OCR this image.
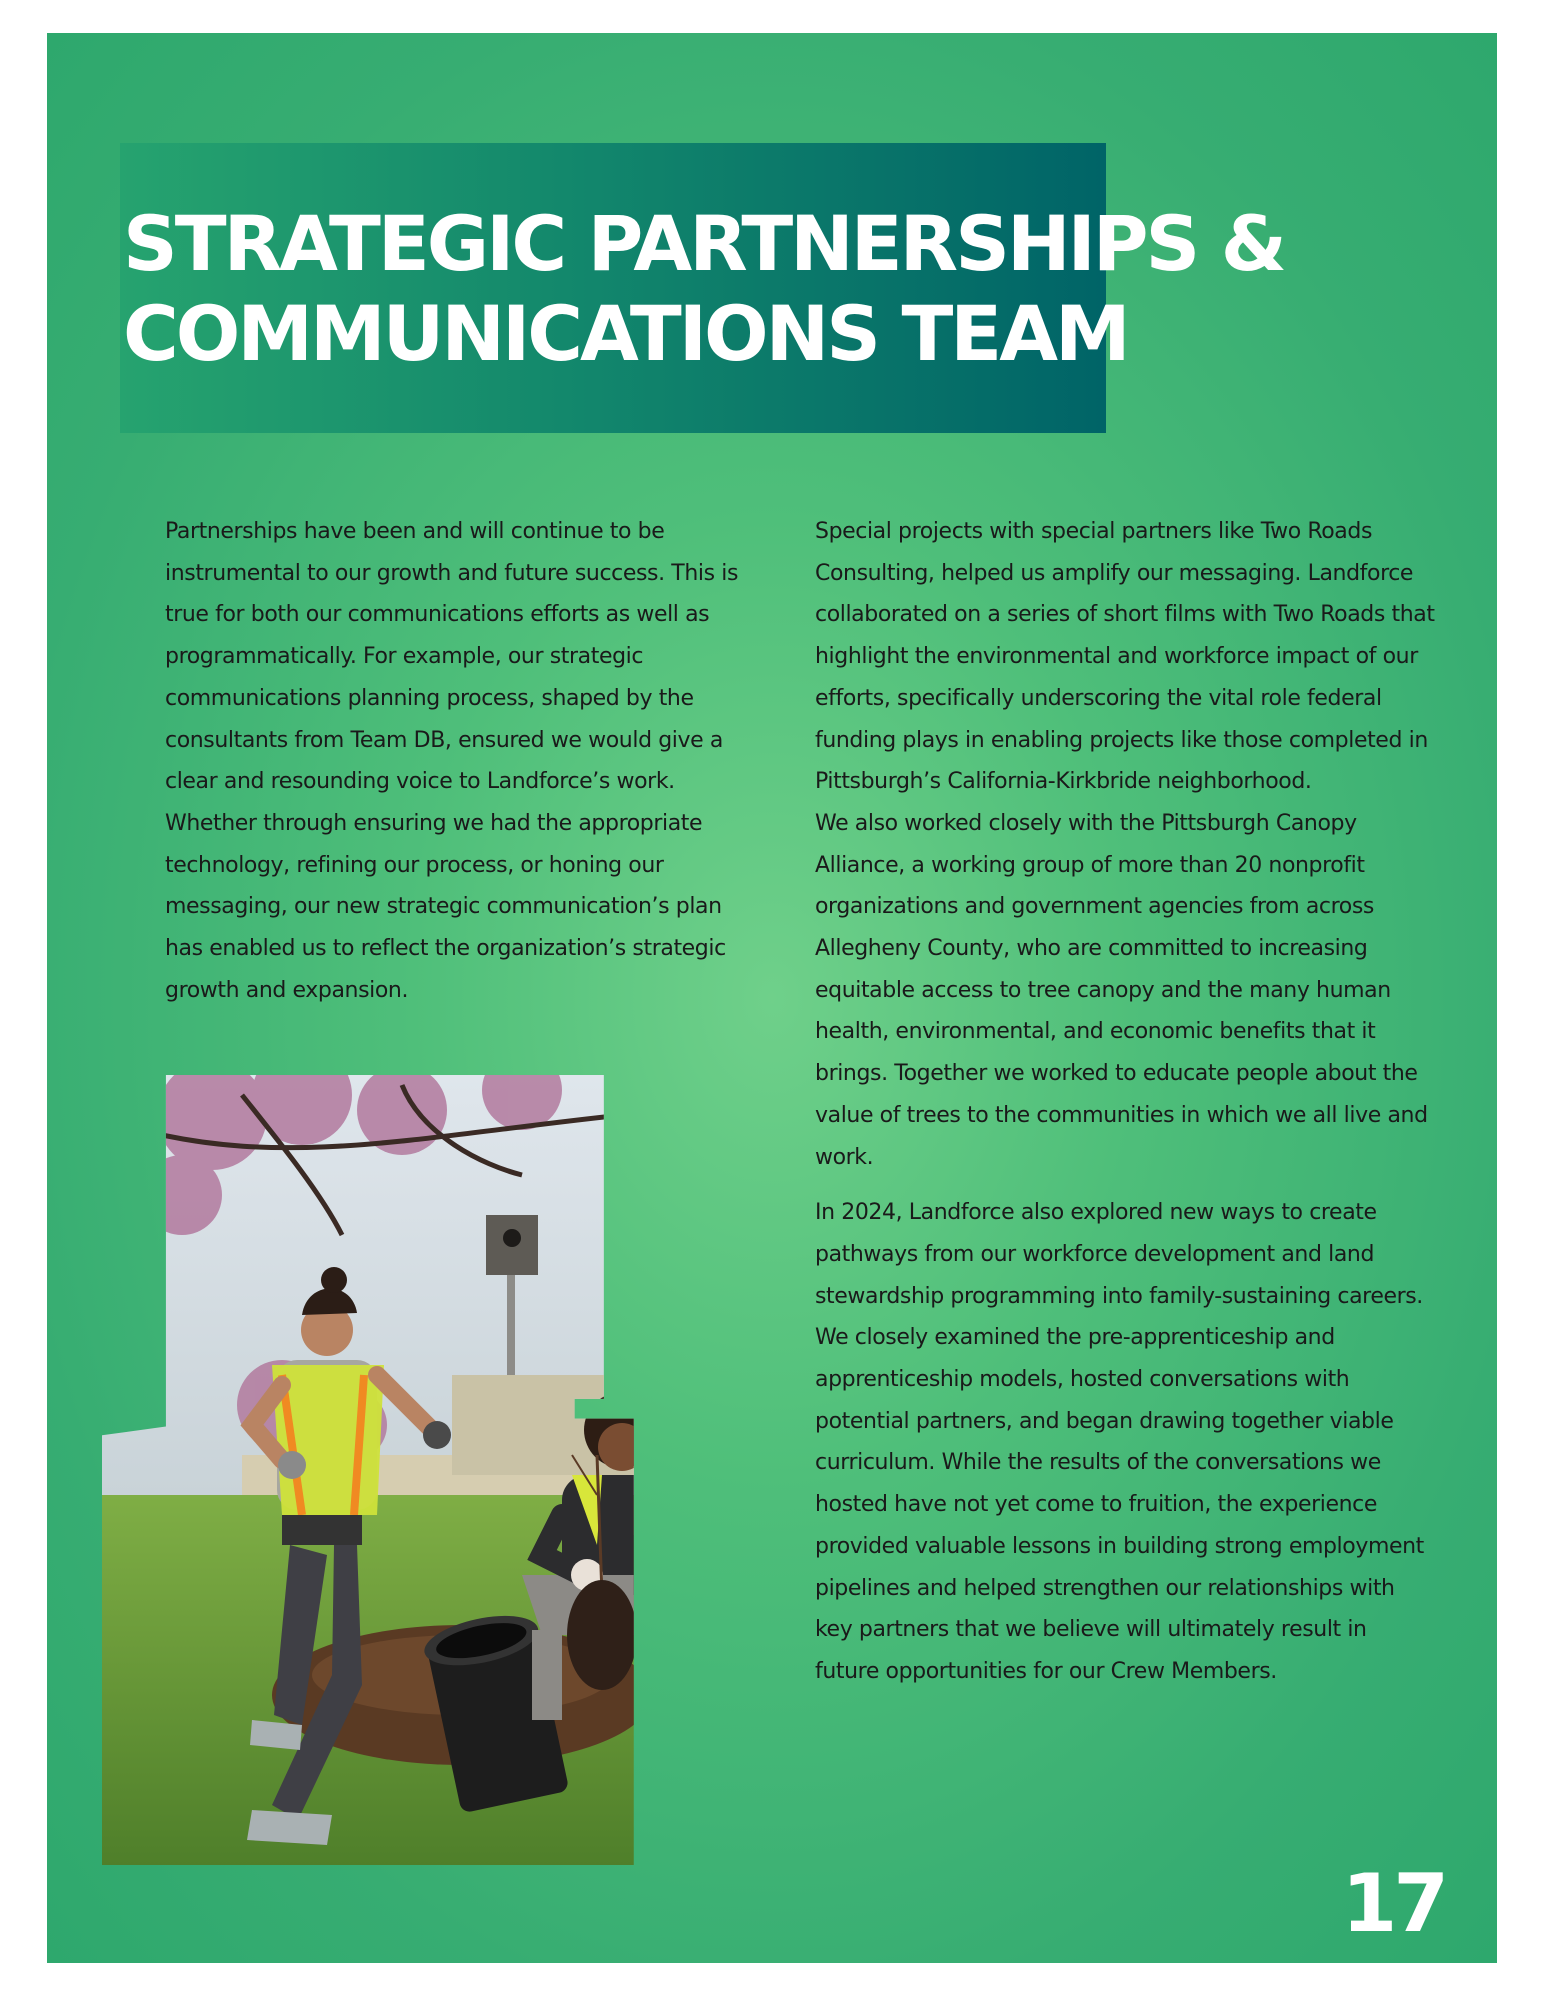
STRATEGIC PARTNERSHIPS &
COMMUNICATIONS TEAM

Partnerships have been and will continue to be instrumental to our growth and future success. This is true for both our communications efforts as well as programmatically. For example, our strategic communications planning process, shaped by the consultants from Team DB, ensured we would give a clear and resounding voice to Landforce’s work. Whether through ensuring we had the appropriate technology, refining our process, or honing our messaging, our new strategic communication’s plan has enabled us to reflect the organization’s strategic growth and expansion.

Special projects with special partners like Two Roads Consulting, helped us amplify our messaging. Landforce collaborated on a series of short films with Two Roads that highlight the environmental and workforce impact of our efforts, specifically underscoring the vital role federal funding plays in enabling projects like those completed in Pittsburgh’s California-Kirkbride neighborhood.

We also worked closely with the Pittsburgh Canopy Alliance, a working group of more than 20 nonprofit organizations and government agencies from across Allegheny County, who are committed to increasing equitable access to tree canopy and the many human health, environmental, and economic benefits that it brings. Together we worked to educate people about the value of trees to the communities in which we all live and work.

In 2024, Landforce also explored new ways to create pathways from our workforce development and land stewardship programming into family-sustaining careers. We closely examined the pre-apprenticeship and apprenticeship models, hosted conversations with potential partners, and began drawing together viable curriculum. While the results of the conversations we hosted have not yet come to fruition, the experience provided valuable lessons in building strong employment pipelines and helped strengthen our relationships with key partners that we believe will ultimately result in future opportunities for our Crew Members.

17
